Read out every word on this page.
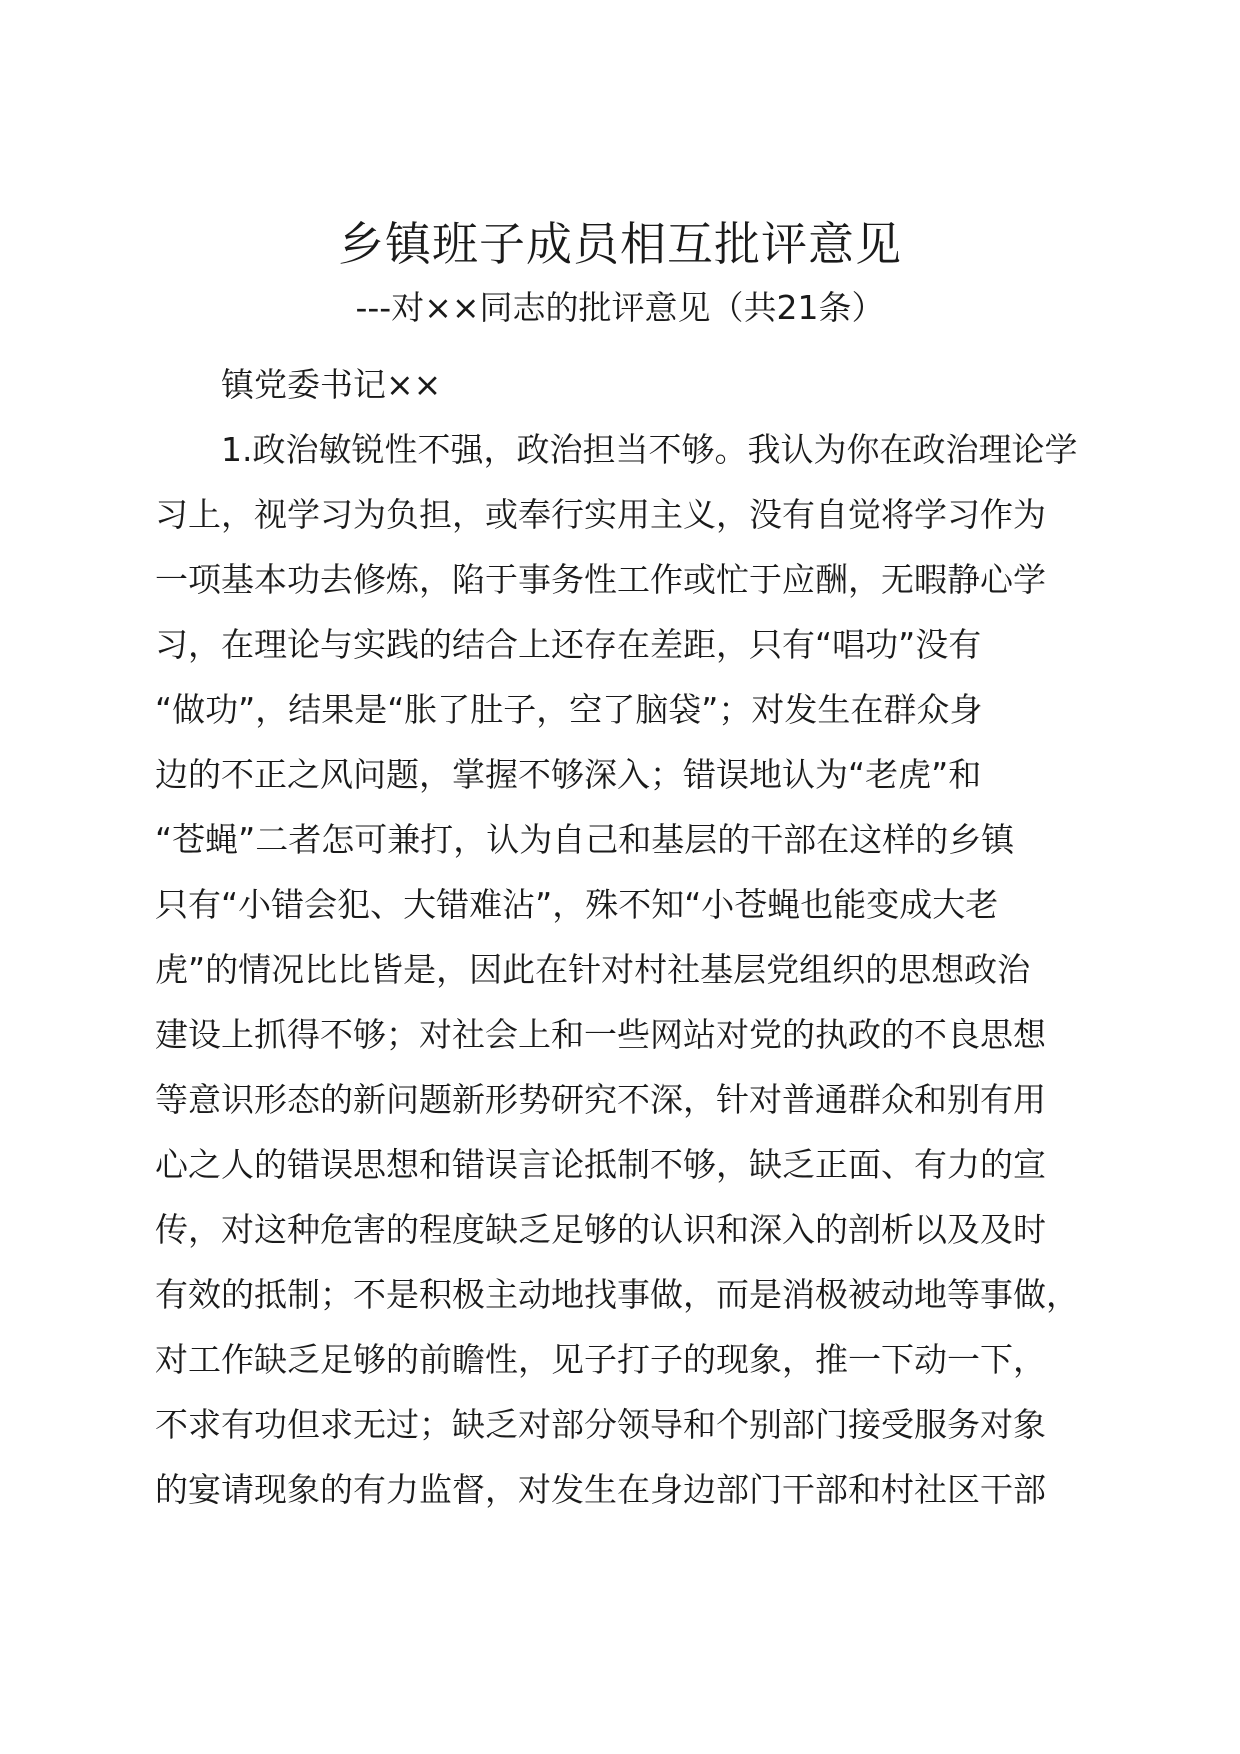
乡镇班子成员相互批评意见
---对××同志的批评意见（共21条）
镇党委书记××
1.政治敏锐性不强，政治担当不够。我认为你在政治理论学
习上，视学习为负担，或奉行实用主义，没有自觉将学习作为
一项基本功去修炼，陷于事务性工作或忙于应酬，无暇静心学
习，在理论与实践的结合上还存在差距，只有“唱功”没有
“做功”，结果是“胀了肚子，空了脑袋”；对发生在群众身
边的不正之风问题，掌握不够深入；错误地认为“老虎”和
“苍蝇”二者怎可兼打，认为自己和基层的干部在这样的乡镇
只有“小错会犯、大错难沾”，殊不知“小苍蝇也能变成大老
虎”的情况比比皆是，因此在针对村社基层党组织的思想政治
建设上抓得不够；对社会上和一些网站对党的执政的不良思想
等意识形态的新问题新形势研究不深，针对普通群众和别有用
心之人的错误思想和错误言论抵制不够，缺乏正面、有力的宣
传，对这种危害的程度缺乏足够的认识和深入的剖析以及及时
有效的抵制；不是积极主动地找事做，而是消极被动地等事做，
对工作缺乏足够的前瞻性，见子打子的现象，推一下动一下，
不求有功但求无过；缺乏对部分领导和个别部门接受服务对象
的宴请现象的有力监督，对发生在身边部门干部和村社区干部
